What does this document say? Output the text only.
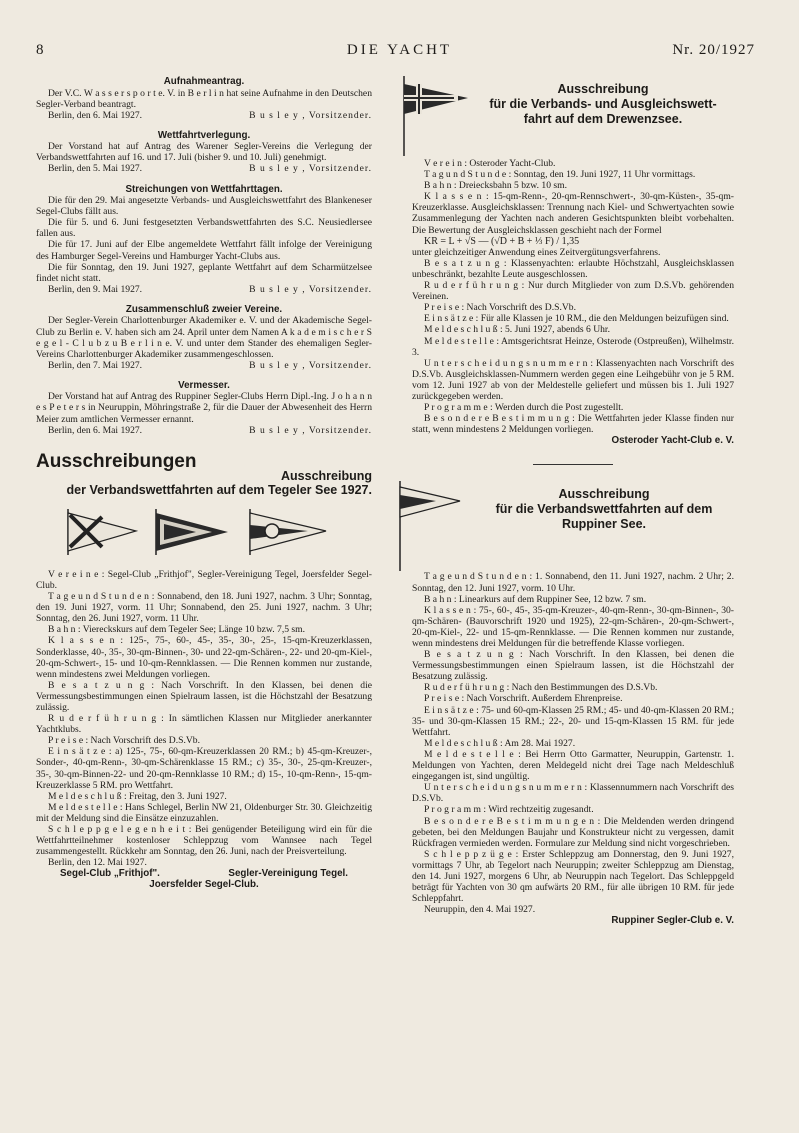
8	DIE YACHT	Nr. 20/1927
Aufnahmeantrag.

Der V.C. W a s s e r s p o r t e. V. in B e r l i n hat seine Aufnahme in den Deutschen Segler-Verband beantragt.

Berlin, den 6. Mai 1927.	B u s l e y , Vorsitzender.

Wettfahrtverlegung.

Der Vorstand hat auf Antrag des Warener Segler-Vereins die Verlegung der Verbandswettfahrten auf 16. und 17. Juli (bisher 9. und 10. Juli) genehmigt.

Berlin, den 5. Mai 1927.	B u s l e y , Vorsitzender.

Streichungen von Wettfahrttagen.

Die für den 29. Mai angesetzte Verbands- und Ausgleichswettfahrt des Blankeneser Segel-Clubs fällt aus.

Die für 5. und 6. Juni festgesetzten Verbandswettfahrten des S.C. Neusiedlersee fallen aus.

Die für 17. Juni auf der Elbe angemeldete Wettfahrt fällt infolge der Vereinigung des Hamburger Segel-Vereins und Hamburger Yacht-Clubs aus.

Die für Sonntag, den 19. Juni 1927, geplante Wettfahrt auf dem Scharmützelsee findet nicht statt.

Berlin, den 9. Mai 1927.	B u s l e y , Vorsitzender.

Zusammenschluß zweier Vereine.

Der Segler-Verein Charlottenburger Akademiker e. V. und der Akademische Segel-Club zu Berlin e. V. haben sich am 24. April unter dem Namen A k a d e m i s c h e r S e g e l - C l u b z u B e r l i n e. V. und unter dem Stander des ehemaligen Segler-Vereins Charlottenburger Akademiker zusammengeschlossen.

Berlin, den 7. Mai 1927.	B u s l e y , Vorsitzender.

Vermesser.

Der Vorstand hat auf Antrag des Ruppiner Segler-Clubs Herrn Dipl.-Ing. J o h a n n e s P e t e r s in Neuruppin, Möhringstraße 2, für die Dauer der Abwesenheit des Herrn Meier zum amtlichen Vermesser ernannt.

Berlin, den 6. Mai 1927.	B u s l e y , Vorsitzender.

Ausschreibungen
Ausschreibung
der Verbandswettfahrten auf dem Tegeler See 1927.

V e r e i n e : Segel-Club „Frithjof", Segler-Vereinigung Tegel, Joersfelder Segel-Club.

T a g e u n d S t u n d e n : Sonnabend, den 18. Juni 1927, nachm. 3 Uhr; Sonntag, den 19. Juni 1927, vorm. 11 Uhr; Sonnabend, den 25. Juni 1927, nachm. 3 Uhr; Sonntag, den 26. Juni 1927, vorm. 11 Uhr.

B a h n : Viereckskurs auf dem Tegeler See; Länge 10 bzw. 7,5 sm.

K l a s s e n : 125-, 75-, 60-, 45-, 35-, 30-, 25-, 15-qm-Kreuzerklassen, Sonderklasse, 40-, 35-, 30-qm-Binnen-, 30- und 22-qm-Schären-, 22- und 20-qm-Kiel-, 20-qm-Schwert-, 15- und 10-qm-Rennklassen. — Die Rennen kommen nur zustande, wenn mindestens zwei Meldungen vorliegen.

B e s a t z u n g : Nach Vorschrift. In den Klassen, bei denen die Vermessungsbestimmungen einen Spielraum lassen, ist die Höchstzahl der Besatzung zulässig.

R u d e r f ü h r u n g : In sämtlichen Klassen nur Mitglieder anerkannter Yachtklubs.

P r e i s e : Nach Vorschrift des D.S.Vb.

E i n s ä t z e : a) 125-, 75-, 60-qm-Kreuzerklassen 20 RM.; b) 45-qm-Kreuzer-, Sonder-, 40-qm-Renn-, 30-qm-Schärenklasse 15 RM.; c) 35-, 30-, 25-qm-Kreuzer-, 35-, 30-qm-Binnen-22- und 20-qm-Rennklasse 10 RM.; d) 15-, 10-qm-Renn-, 15-qm-Kreuzerklasse 5 RM. pro Wettfahrt.

M e l d e s c h l u ß : Freitag, den 3. Juni 1927.

M e l d e s t e l l e : Hans Schlegel, Berlin NW 21, Oldenburger Str. 30. Gleichzeitig mit der Meldung sind die Einsätze einzuzahlen.

S c h l e p p g e l e g e n h e i t : Bei genügender Beteiligung wird ein für die Wettfahrtteilnehmer kostenloser Schleppzug vom Wannsee nach Tegel zusammengestellt. Rückkehr am Sonntag, den 26. Juni, nach der Preisverteilung.

Berlin, den 12. Mai 1927.

Segel-Club „Frithjof".	Segler-Vereinigung Tegel.
Joersfelder Segel-Club.
Ausschreibung
für die Verbands- und Ausgleichswett-
fahrt auf dem Drewenzsee.

V e r e i n : Osteroder Yacht-Club.

T a g u n d S t u n d e : Sonntag, den 19. Juni 1927, 11 Uhr vormittags.

B a h n : Dreiecksbahn 5 bzw. 10 sm.

K l a s s e n : 15-qm-Renn-, 20-qm-Rennschwert-, 30-qm-Küsten-, 35-qm-Kreuzerklasse. Ausgleichsklassen: Trennung nach Kiel- und Schwertyachten sowie Zusammenlegung der Yachten nach anderen Gesichtspunkten bleibt vorbehalten. Die Bewertung der Ausgleichsklassen geschieht nach der Formel

KR = L + √S — (√D + B + ⅓ F) / 1,35

unter gleichzeitiger Anwendung eines Zeitvergütungsverfahrens.

B e s a t z u n g : Klassenyachten: erlaubte Höchstzahl, Ausgleichsklassen unbeschränkt, bezahlte Leute ausgeschlossen.

R u d e r f ü h r u n g : Nur durch Mitglieder von zum D.S.Vb. gehörenden Vereinen.

P r e i s e : Nach Vorschrift des D.S.Vb.

E i n s ä t z e : Für alle Klassen je 10 RM., die den Meldungen beizufügen sind.

M e l d e s c h l u ß : 5. Juni 1927, abends 6 Uhr.

M e l d e s t e l l e : Amtsgerichtsrat Heinze, Osterode (Ostpreußen), Wilhelmstr. 3.

U n t e r s c h e i d u n g s n u m m e r n : Klassenyachten nach Vorschrift des D.S.Vb. Ausgleichsklassen-Nummern werden gegen eine Leihgebühr von je 5 RM. vom 12. Juni 1927 ab von der Meldestelle geliefert und müssen bis 1. Juli 1927 zurückgegeben werden.

P r o g r a m m e : Werden durch die Post zugestellt.

B e s o n d e r e B e s t i m m u n g : Die Wettfahrten jeder Klasse finden nur statt, wenn mindestens 2 Meldungen vorliegen.

Osteroder Yacht-Club e. V.
Ausschreibung
für die Verbandswettfahrten auf dem
Ruppiner See.

T a g e u n d S t u n d e n : 1. Sonnabend, den 11. Juni 1927, nachm. 2 Uhr; 2. Sonntag, den 12. Juni 1927, vorm. 10 Uhr.

B a h n : Linearkurs auf dem Ruppiner See, 12 bzw. 7 sm.

K l a s s e n : 75-, 60-, 45-, 35-qm-Kreuzer-, 40-qm-Renn-, 30-qm-Binnen-, 30-qm-Schären- (Bauvorschrift 1920 und 1925), 22-qm-Schären-, 20-qm-Schwert-, 20-qm-Kiel-, 22- und 15-qm-Rennklasse. — Die Rennen kommen nur zustande, wenn mindestens drei Meldungen für die betreffende Klasse vorliegen.

B e s a t z u n g : Nach Vorschrift. In den Klassen, bei denen die Vermessungsbestimmungen einen Spielraum lassen, ist die Höchstzahl der Besatzung zulässig.

R u d e r f ü h r u n g : Nach den Bestimmungen des D.S.Vb.

P r e i s e : Nach Vorschrift. Außerdem Ehrenpreise.

E i n s ä t z e : 75- und 60-qm-Klassen 25 RM.; 45- und 40-qm-Klassen 20 RM.; 35- und 30-qm-Klassen 15 RM.; 22-, 20- und 15-qm-Klassen 15 RM. für jede Wettfahrt.

M e l d e s c h l u ß : Am 28. Mai 1927.

M e l d e s t e l l e : Bei Herrn Otto Garmatter, Neuruppin, Gartenstr. 1. Meldungen von Yachten, deren Meldegeld nicht drei Tage nach Meldeschluß eingegangen ist, sind ungültig.

U n t e r s c h e i d u n g s n u m m e r n : Klassennummern nach Vorschrift des D.S.Vb.

P r o g r a m m : Wird rechtzeitig zugesandt.

B e s o n d e r e B e s t i m m u n g e n : Die Meldenden werden dringend gebeten, bei den Meldungen Baujahr und Konstrukteur nicht zu vergessen, damit Rückfragen vermieden werden. Formulare zur Meldung sind nicht vorgeschrieben.

S c h l e p p z ü g e : Erster Schleppzug am Donnerstag, den 9. Juni 1927, vormittags 7 Uhr, ab Tegelort nach Neuruppin; zweiter Schleppzug am Dienstag, den 14. Juni 1927, morgens 6 Uhr, ab Neuruppin nach Tegelort. Das Schleppgeld beträgt für Yachten von 30 qm aufwärts 20 RM., für alle übrigen 10 RM. für jede Schleppfahrt.

Neuruppin, den 4. Mai 1927.

Ruppiner Segler-Club e. V.
